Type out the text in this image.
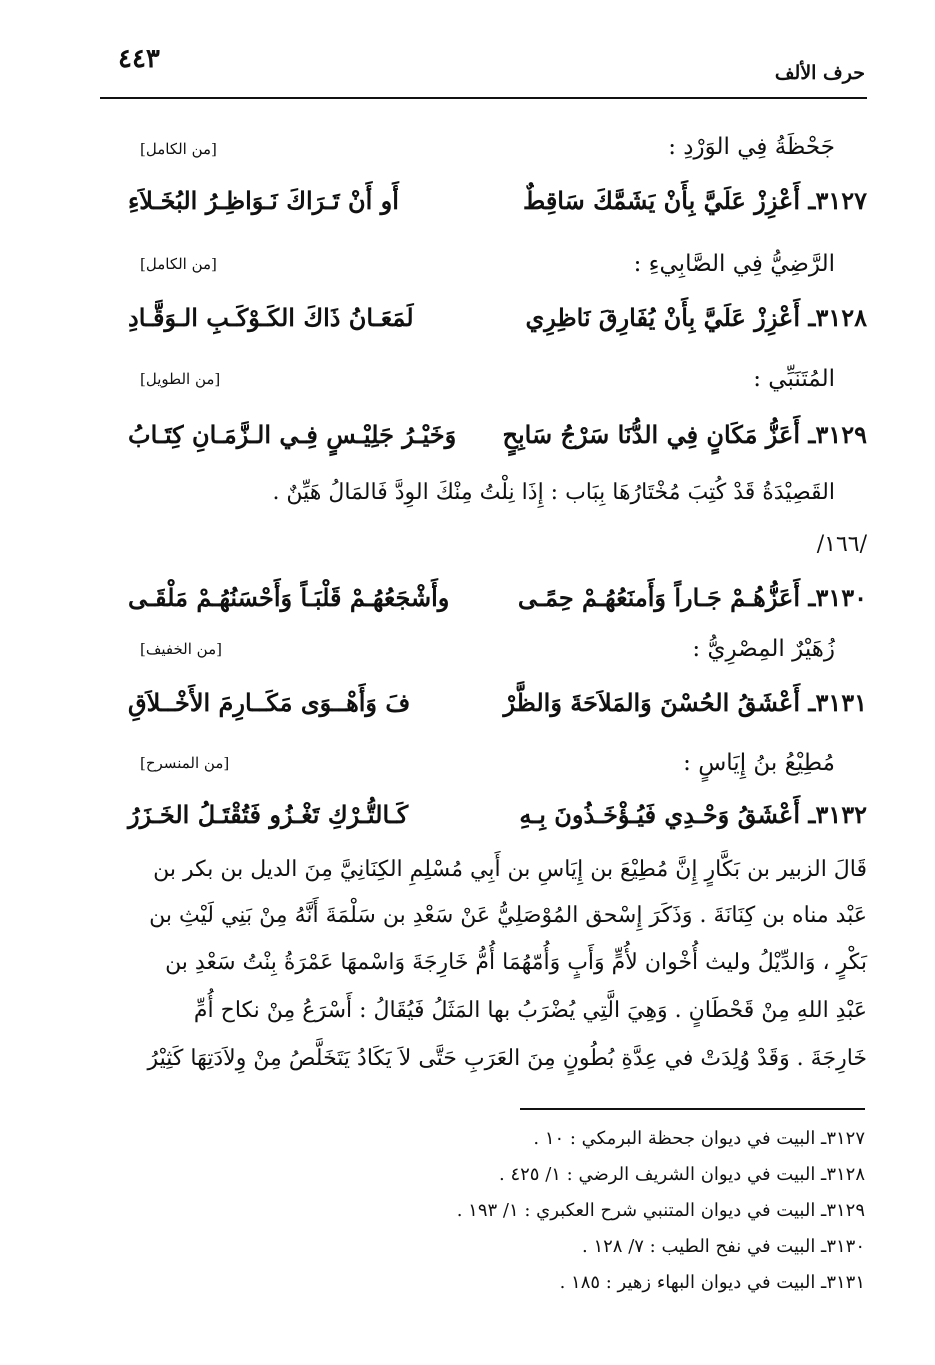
حرف الألف
٤٤٣
جَحْظَةُ فِي الوَرْدِ :
[من الكامل]
٣١٢٧ـ أَعْزِزْ عَلَيَّ بِأَنْ يَشَمَّكَ سَاقِطٌ
أَو أَنْ تَـرَاكَ نَـوَاظِـرُ البُخَـلاَءِ
الرَّضِيُّ فِي الصَّابِيءِ :
[من الكامل]
٣١٢٨ـ أَعْزِزْ عَلَيَّ بِأَنْ يُفَارِقَ نَاظِرِي
لَمَعَـانُ ذَاكَ الكَـوْكَـبِ الـوَقَّـادِ
المُتَنَبِّي :
[من الطويل]
٣١٢٩ـ أَعَزُّ مَكَانٍ فِي الدُّنَا سَرْجُ سَابِحٍ
وَخَيْـرُ جَلِيْـسٍ فِـي الـزَّمَـانِ كِتَـابُ
القَصِيْدَةُ قَدْ كُتِبَ مُخْتَارُهَا بِبَاب : إِذَا نِلْتُ مِنْكَ الوِدَّ فَالمَالُ هَيِّنٌ .
/١٦٦/
٣١٣٠ـ أَعَزُّهُـمْ جَـاراً وَأَمنَعُهُـمْ حِمًـى
وأَشْجَعُهُـمْ قَلْبَـاً وَأَحْسَنُهُـمْ مَلْقَـى
زُهَيْرٌ المِصْرِيُّ :
[من الخفيف]
٣١٣١ـ أَعْشَقُ الحُسْنَ وَالمَلاَحَةَ وَالظَّرْ
فَ وَأَهْــوَى مَكَــارِمَ الأَخْــلاَقِ
مُطِيْعُ بنُ إِيَاسٍ :
[من المنسرح]
٣١٣٢ـ أَعْشَقُ وَحْـدِي فَيُـؤْخَـذُونَ بِـهِ
كَـالتُّـرْكِ تَغْـزُو فَتُقْتَـلُ الخَـزَرُ
قَالَ الزبير بن بَكَّارٍ إِنَّ مُطِيْعَ بن إِيَاسِ بن أَبِي مُسْلِمِ الكِنَانِيَّ مِنَ الديل بن بكر بن
عَبْد مناه بن كِنَانَةَ . وَذَكَرَ إِسْحق المُوْصَلِيُّ عَنْ سَعْدِ بن سَلْمَةَ أَنَّهُ مِنْ بَنِي لَيْثِ بن
بَكْرٍ ، وَالدِّيْلُ وليث أُخْوان لأُمٍّ وَأَبٍ وَأُمّهُمَا أُمُّ خَارِجَةَ وَاسْمهَا عَمْرَةُ بِنْتُ سَعْدِ بن
عَبْدِ اللهِ مِنْ قَحْطَانٍ . وَهِيَ الَّتِي يُضْرَبُ بها المَثَلُ فَيُقَالُ : أَسْرَعُ مِنْ نكاح أُمِّ
خَارِجَةَ . وَقَدْ وُلِدَتْ في عِدَّةِ بُطُونٍ مِنَ العَرَبِ حَتَّى لاَ يَكَادُ يَتَخَلَّصُ مِنْ وِلاَدَتِهَا كَثِيْرُ
٣١٢٧ـ البيت في ديوان جحظة البرمكي : ١٠ .
٣١٢٨ـ البيت في ديوان الشريف الرضي : ١/ ٤٢٥ .
٣١٢٩ـ البيت في ديوان المتنبي شرح العكبري : ١/ ١٩٣ .
٣١٣٠ـ البيت في نفح الطيب : ٧/ ١٢٨ .
٣١٣١ـ البيت في ديوان البهاء زهير : ١٨٥ .
